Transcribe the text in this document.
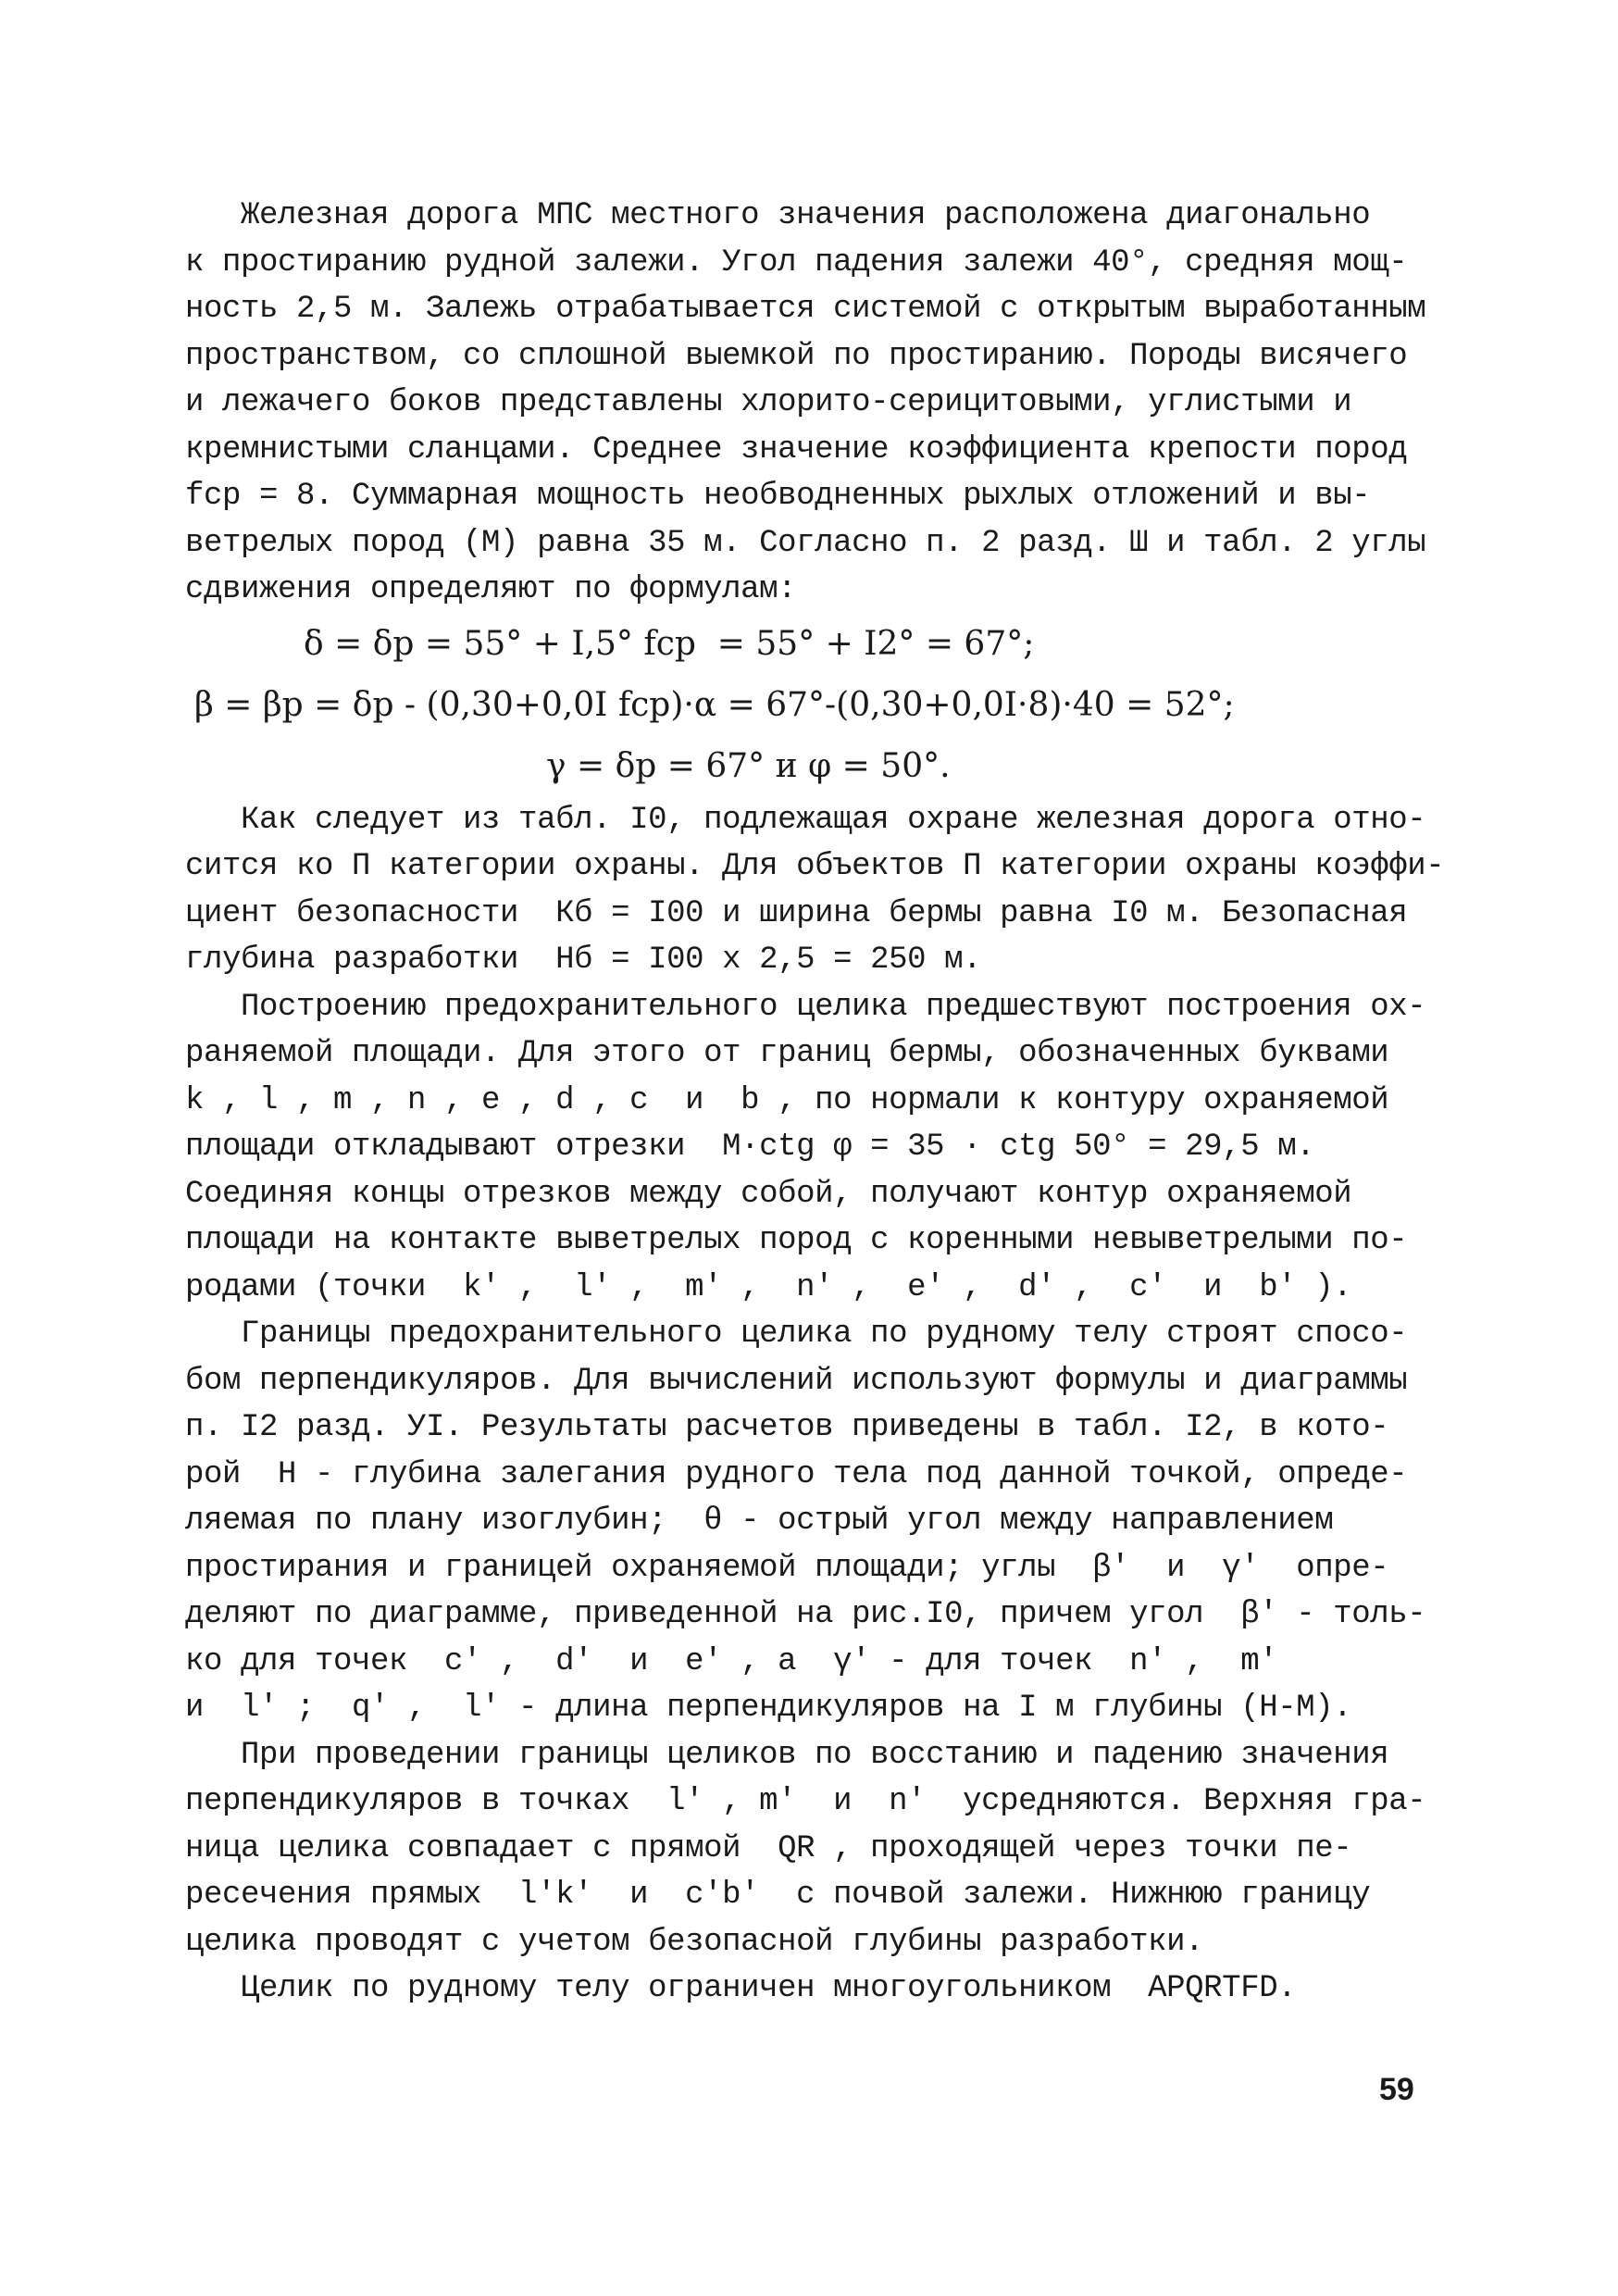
Железная дорога МПС местного значения расположена диагонально
к простиранию рудной залежи. Угол падения залежи 40°, средняя мощ-
ность 2,5 м. Залежь отрабатывается системой с открытым выработанным
пространством, со сплошной выемкой по простиранию. Породы висячего
и лежачего боков представлены хлорито-серицитовыми, углистыми и
кремнистыми сланцами. Среднее значение коэффициента крепости пород
fср = 8. Суммарная мощность необводненных рыхлых отложений и вы-
ветрелых пород (М) равна 35 м. Согласно п. 2 разд. Ш и табл. 2 углы
сдвижения определяют по формулам:
δ = δр = 55° + I,5° fср  = 55° + I2° = 67°;
β = βр = δр - (0,30+0,0I fср)·α = 67°-(0,30+0,0I·8)·40 = 52°;
γ = δр = 67° и φ = 50°.
Как следует из табл. I0, подлежащая охране железная дорога отно-
сится ко П категории охраны. Для объектов П категории охраны коэффи-
циент безопасности  Кб = I00 и ширина бермы равна I0 м. Безопасная
глубина разработки  Нб = I00 х 2,5 = 250 м.
Построению предохранительного целика предшествуют построения ох-
раняемой площади. Для этого от границ бермы, обозначенных буквами
k , l , m , n , e , d , c  и  b , по нормали к контуру охраняемой
площади откладывают отрезки  М·ctg φ = 35 · ctg 50° = 29,5 м.
Соединяя концы отрезков между собой, получают контур охраняемой
площади на контакте выветрелых пород с коренными невыветрелыми по-
родами (точки  k' ,  l' ,  m' ,  n' ,  e' ,  d' ,  c'  и  b' ).
Границы предохранительного целика по рудному телу строят спосо-
бом перпендикуляров. Для вычислений используют формулы и диаграммы
п. I2 разд. УI. Результаты расчетов приведены в табл. I2, в кото-
рой  Н - глубина залегания рудного тела под данной точкой, опреде-
ляемая по плану изоглубин;  θ - острый угол между направлением
простирания и границей охраняемой площади; углы  β'  и  γ'  опре-
деляют по диаграмме, приведенной на рис.I0, причем угол  β' - толь-
ко для точек  c' ,  d'  и  e' , а  γ' - для точек  n' ,  m'
и  l' ;  q' ,  l' - длина перпендикуляров на I м глубины (Н-М).
При проведении границы целиков по восстанию и падению значения
перпендикуляров в точках  l' , m'  и  n'  усредняются. Верхняя гра-
ница целика совпадает с прямой  QR , проходящей через точки пе-
ресечения прямых  l'k'  и  c'b'  с почвой залежи. Нижнюю границу
целика проводят с учетом безопасной глубины разработки.
Целик по рудному телу ограничен многоугольником  APQRTFD.
59
